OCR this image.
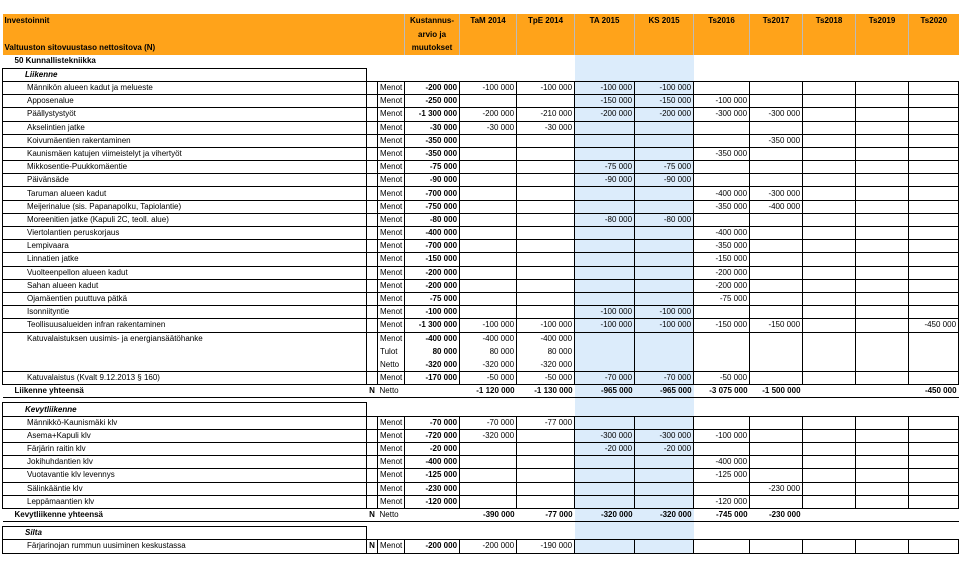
Investoinnit			Kustannus-	TaM 2014	TpE 2014	TA 2015	KS 2015	Ts2016	Ts2017	Ts2018	Ts2019	Ts2020
			arvio ja									
Valtuuston sitovuustaso nettositova (N)			muutokset									
50 Kunnallistekniikka												
Liikenne												
Männikön alueen kadut ja melueste		Menot	-200 000	-100 000	-100 000	-100 000	-100 000					
Apposenalue		Menot	-250 000			-150 000	-150 000	-100 000				
Päällystystyöt		Menot	-1 300 000	-200 000	-210 000	-200 000	-200 000	-300 000	-300 000			
Akselintien jatke		Menot	-30 000	-30 000	-30 000							
Koivumäentien rakentaminen		Menot	-350 000						-350 000			
Kaunismäen katujen viimeistelyt ja vihertyöt		Menot	-350 000					-350 000				
Mikkosentie-Puukkomäentie		Menot	-75 000			-75 000	-75 000					
Päivänsäde		Menot	-90 000			-90 000	-90 000					
Taruman alueen kadut		Menot	-700 000					-400 000	-300 000			
Meijerinalue (sis. Papanapolku, Tapiolantie)		Menot	-750 000					-350 000	-400 000			
Moreenitien jatke (Kapuli 2C, teoll. alue)		Menot	-80 000			-80 000	-80 000					
Viertolantien peruskorjaus		Menot	-400 000					-400 000				
Lempivaara		Menot	-700 000					-350 000				
Linnatien jatke		Menot	-150 000					-150 000				
Vuolteenpellon alueen kadut		Menot	-200 000					-200 000				
Sahan alueen kadut		Menot	-200 000					-200 000				
Ojamäentien puuttuva pätkä		Menot	-75 000					-75 000				
Isonniityntie		Menot	-100 000			-100 000	-100 000					
Teollisuusalueiden infran rakentaminen		Menot	-1 300 000	-100 000	-100 000	-100 000	-100 000	-150 000	-150 000			-450 000
Katuvalaistuksen uusimis- ja energiansäätöhanke		Menot	-400 000	-400 000	-400 000							
		Tulot	80 000	80 000	80 000							
		Netto	-320 000	-320 000	-320 000							
Katuvalaistus (Kvalt 9.12.2013 § 160)		Menot	-170 000	-50 000	-50 000	-70 000	-70 000	-50 000				
Liikenne yhteensä	N	Netto		-1 120 000	-1 130 000	-965 000	-965 000	-3 075 000	-1 500 000			-450 000

Kevytliikenne												
Männikkö-Kaunismäki klv		Menot	-70 000	-70 000	-77 000							
Asema+Kapuli klv		Menot	-720 000	-320 000		-300 000	-300 000	-100 000				
Färjärin raitin klv		Menot	-20 000			-20 000	-20 000					
Jokihuhdantien klv		Menot	-400 000					-400 000				
Vuotavantie klv levennys		Menot	-125 000					-125 000				
Sälinkääntie klv		Menot	-230 000						-230 000			
Leppämaantien klv		Menot	-120 000					-120 000				
Kevytliikenne yhteensä	N	Netto		-390 000	-77 000	-320 000	-320 000	-745 000	-230 000			

Silta												
Färjarinojan rummun uusiminen keskustassa	N	Menot	-200 000	-200 000	-190 000							
